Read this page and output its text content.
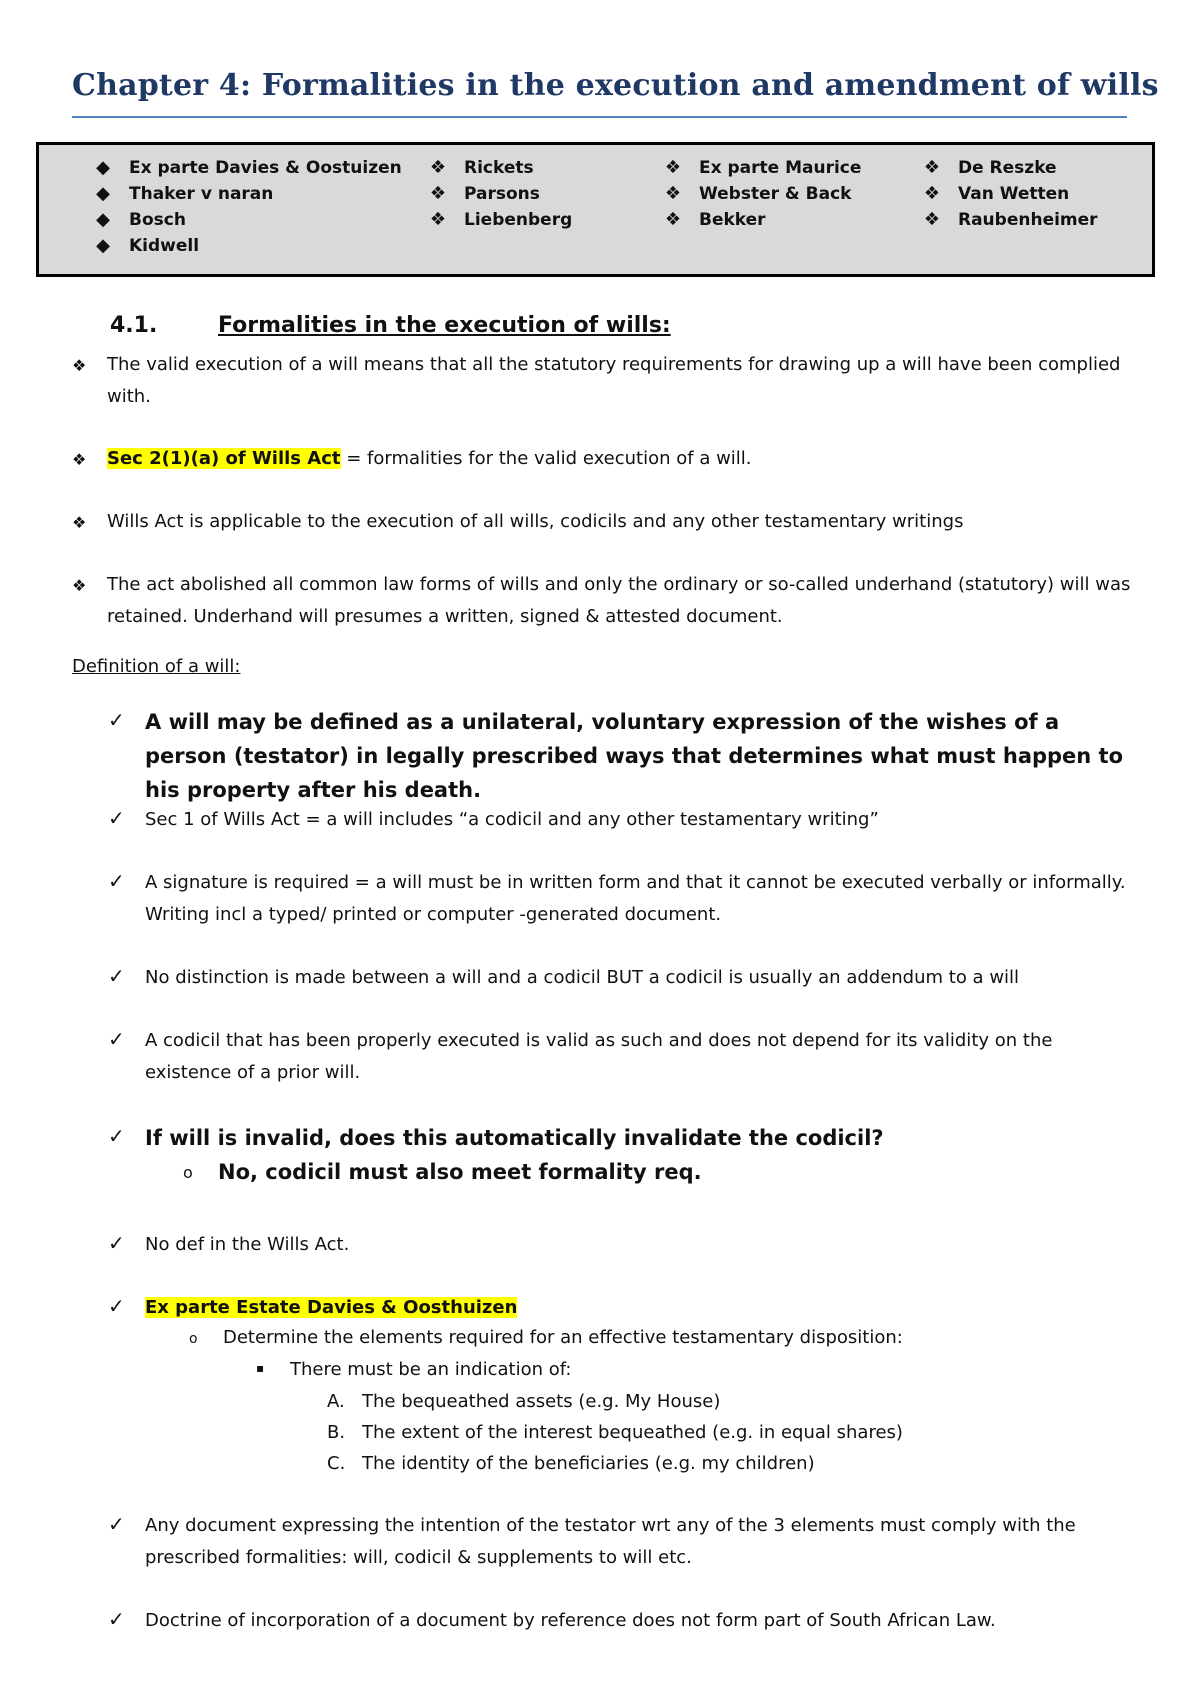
Chapter 4: Formalities in the execution and amendment of wills
◆ Ex parte Davies & Oostuizen
◆ Thaker v naran
◆ Bosch
◆ Kidwell
❖ Rickets
❖ Parsons
❖ Liebenberg
❖ Ex parte Maurice
❖ Webster & Back
❖ Bekker
❖ De Reszke
❖ Van Wetten
❖ Raubenheimer
4.1.	Formalities in the execution of wills:
❖ The valid execution of a will means that all the statutory requirements for drawing up a will have been complied with.
❖ Sec 2(1)(a) of Wills Act = formalities for the valid execution of a will.
❖ Wills Act is applicable to the execution of all wills, codicils and any other testamentary writings
❖ The act abolished all common law forms of wills and only the ordinary or so-called underhand (statutory) will was retained. Underhand will presumes a written, signed & attested document.
Definition of a will:
✓ A will may be defined as a unilateral, voluntary expression of the wishes of a person (testator) in legally prescribed ways that determines what must happen to his property after his death.
✓ Sec 1 of Wills Act = a will includes “a codicil and any other testamentary writing”
✓ A signature is required = a will must be in written form and that it cannot be executed verbally or informally. Writing incl a typed/ printed or computer -generated document.
✓ No distinction is made between a will and a codicil BUT a codicil is usually an addendum to a will
✓ A codicil that has been properly executed is valid as such and does not depend for its validity on the existence of a prior will.
✓ If will is invalid, does this automatically invalidate the codicil?
o No, codicil must also meet formality req.
✓ No def in the Wills Act.
✓ Ex parte Estate Davies & Oosthuizen
o Determine the elements required for an effective testamentary disposition:
▪ There must be an indication of:
A. The bequeathed assets (e.g. My House)
B. The extent of the interest bequeathed (e.g. in equal shares)
C. The identity of the beneficiaries (e.g. my children)
✓ Any document expressing the intention of the testator wrt any of the 3 elements must comply with the prescribed formalities: will, codicil & supplements to will etc.
✓ Doctrine of incorporation of a document by reference does not form part of South African Law.
